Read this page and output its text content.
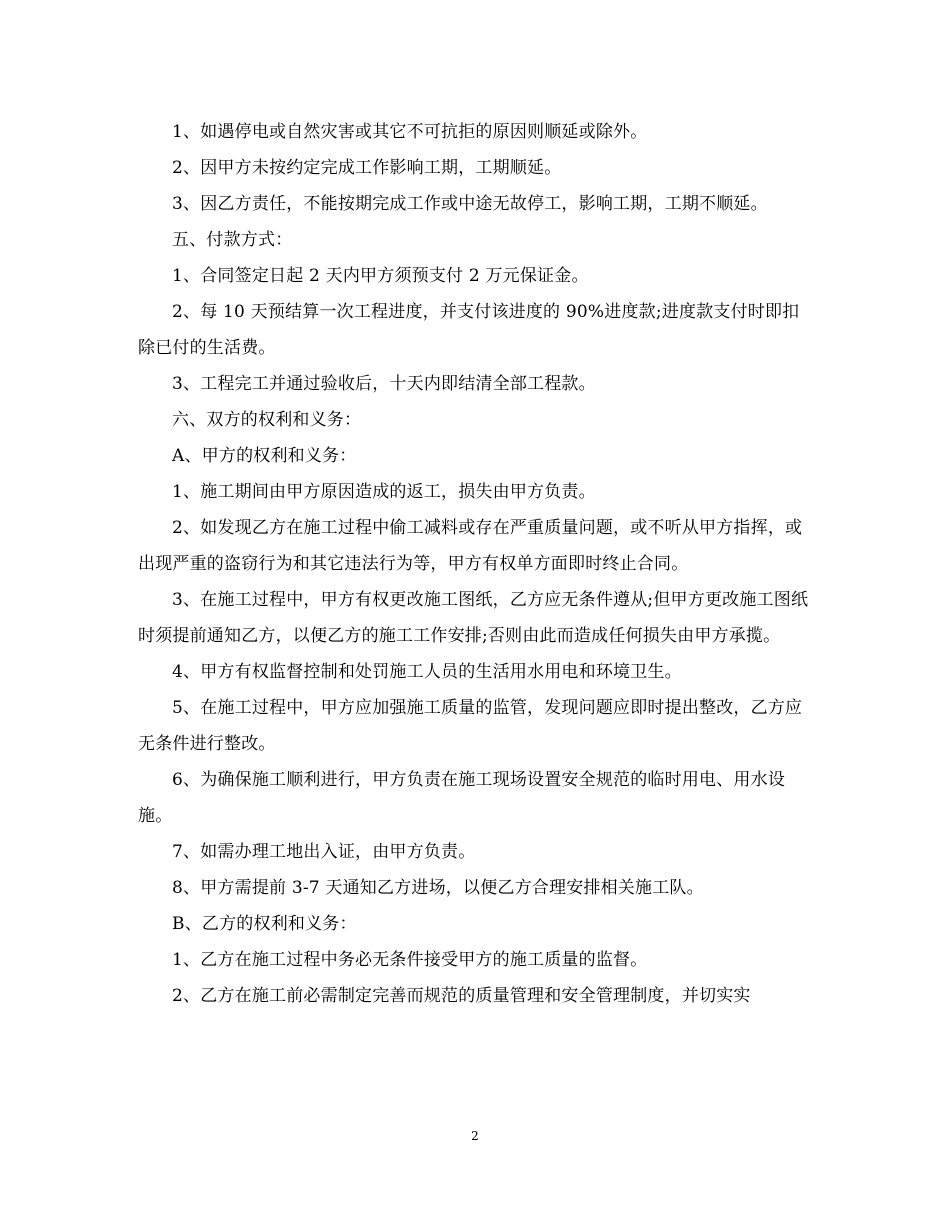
1、如遇停电或自然灾害或其它不可抗拒的原因则顺延或除外。

2、因甲方未按约定完成工作影响工期，工期顺延。

3、因乙方责任，不能按期完成工作或中途无故停工，影响工期，工期不顺延。

五、付款方式：

1、合同签定日起 2 天内甲方须预支付 2 万元保证金。

2、每 10 天预结算一次工程进度，并支付该进度的 90%进度款;进度款支付时即扣除已付的生活费。

3、工程完工并通过验收后，十天内即结清全部工程款。

六、双方的权利和义务：

A、甲方的权利和义务：

1、施工期间由甲方原因造成的返工，损失由甲方负责。

2、如发现乙方在施工过程中偷工减料或存在严重质量问题，或不听从甲方指挥，或出现严重的盗窃行为和其它违法行为等，甲方有权单方面即时终止合同。

3、在施工过程中，甲方有权更改施工图纸，乙方应无条件遵从;但甲方更改施工图纸时须提前通知乙方，以便乙方的施工工作安排;否则由此而造成任何损失由甲方承揽。

4、甲方有权监督控制和处罚施工人员的生活用水用电和环境卫生。

5、在施工过程中，甲方应加强施工质量的监管，发现问题应即时提出整改，乙方应无条件进行整改。

6、为确保施工顺利进行，甲方负责在施工现场设置安全规范的临时用电、用水设施。

7、如需办理工地出入证，由甲方负责。

8、甲方需提前 3-7 天通知乙方进场，以便乙方合理安排相关施工队。

B、乙方的权利和义务：

1、乙方在施工过程中务必无条件接受甲方的施工质量的监督。

2、乙方在施工前必需制定完善而规范的质量管理和安全管理制度，并切实实

2
